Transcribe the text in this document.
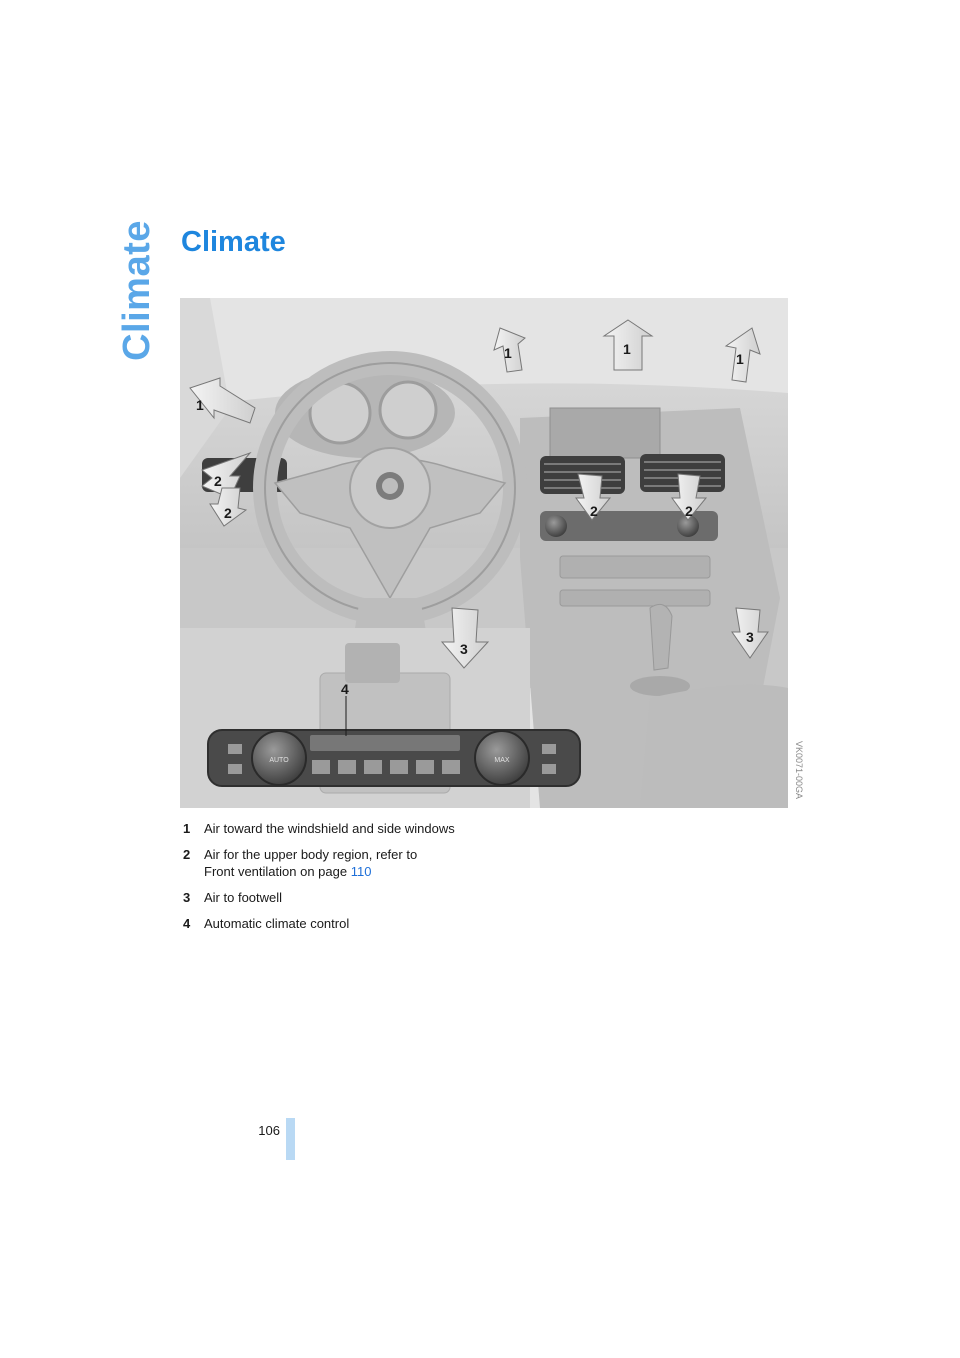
Climate Climate
AUTO	MAX
1
1	1
1
2
2	2	2
3
3
4
VK0071-00GA
1	Air toward the windshield and side windows
2	Air for the upper body region, refer to
Front ventilation on page 110
3	Air to footwell
4	Automatic climate control
106
